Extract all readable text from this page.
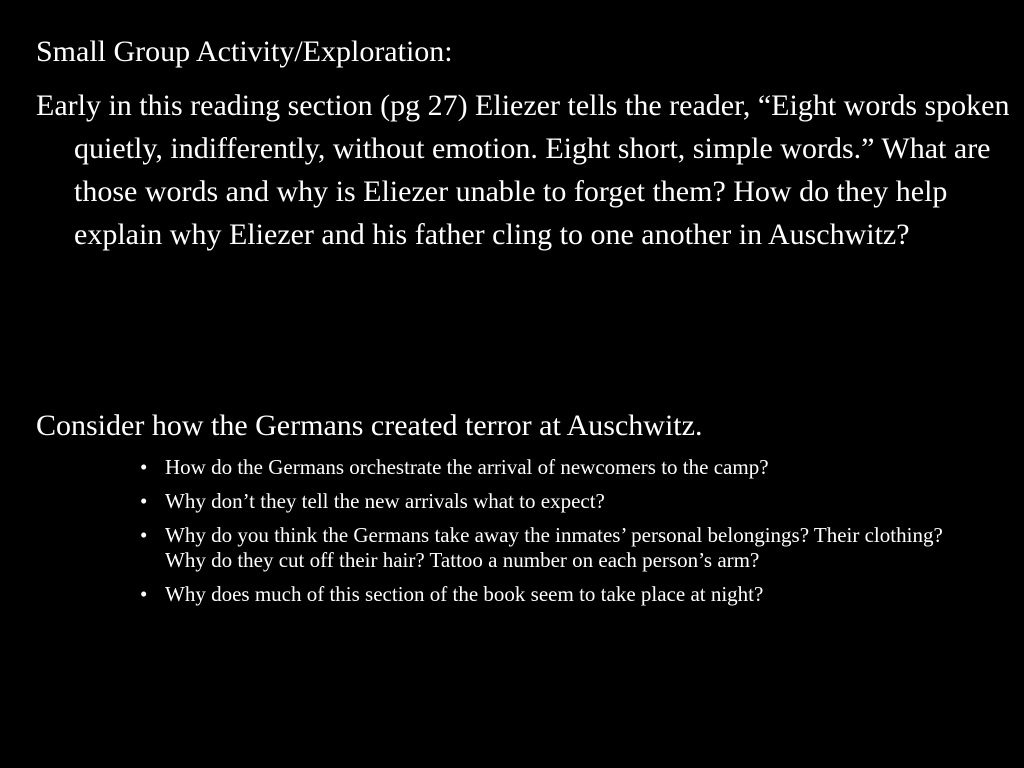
Small Group Activity/Exploration:

Early in this reading section (pg 27) Eliezer tells the reader, “Eight words spoken quietly, indifferently, without emotion. Eight short, simple words.” What are those words and why is Eliezer unable to forget them? How do they help explain why Eliezer and his father cling to one another in Auschwitz?

Consider how the Germans created terror at Auschwitz.
• How do the Germans orchestrate the arrival of newcomers to the camp?
• Why don’t they tell the new arrivals what to expect?
• Why do you think the Germans take away the inmates’ personal belongings? Their clothing? Why do they cut off their hair? Tattoo a number on each person’s arm?
• Why does much of this section of the book seem to take place at night?
